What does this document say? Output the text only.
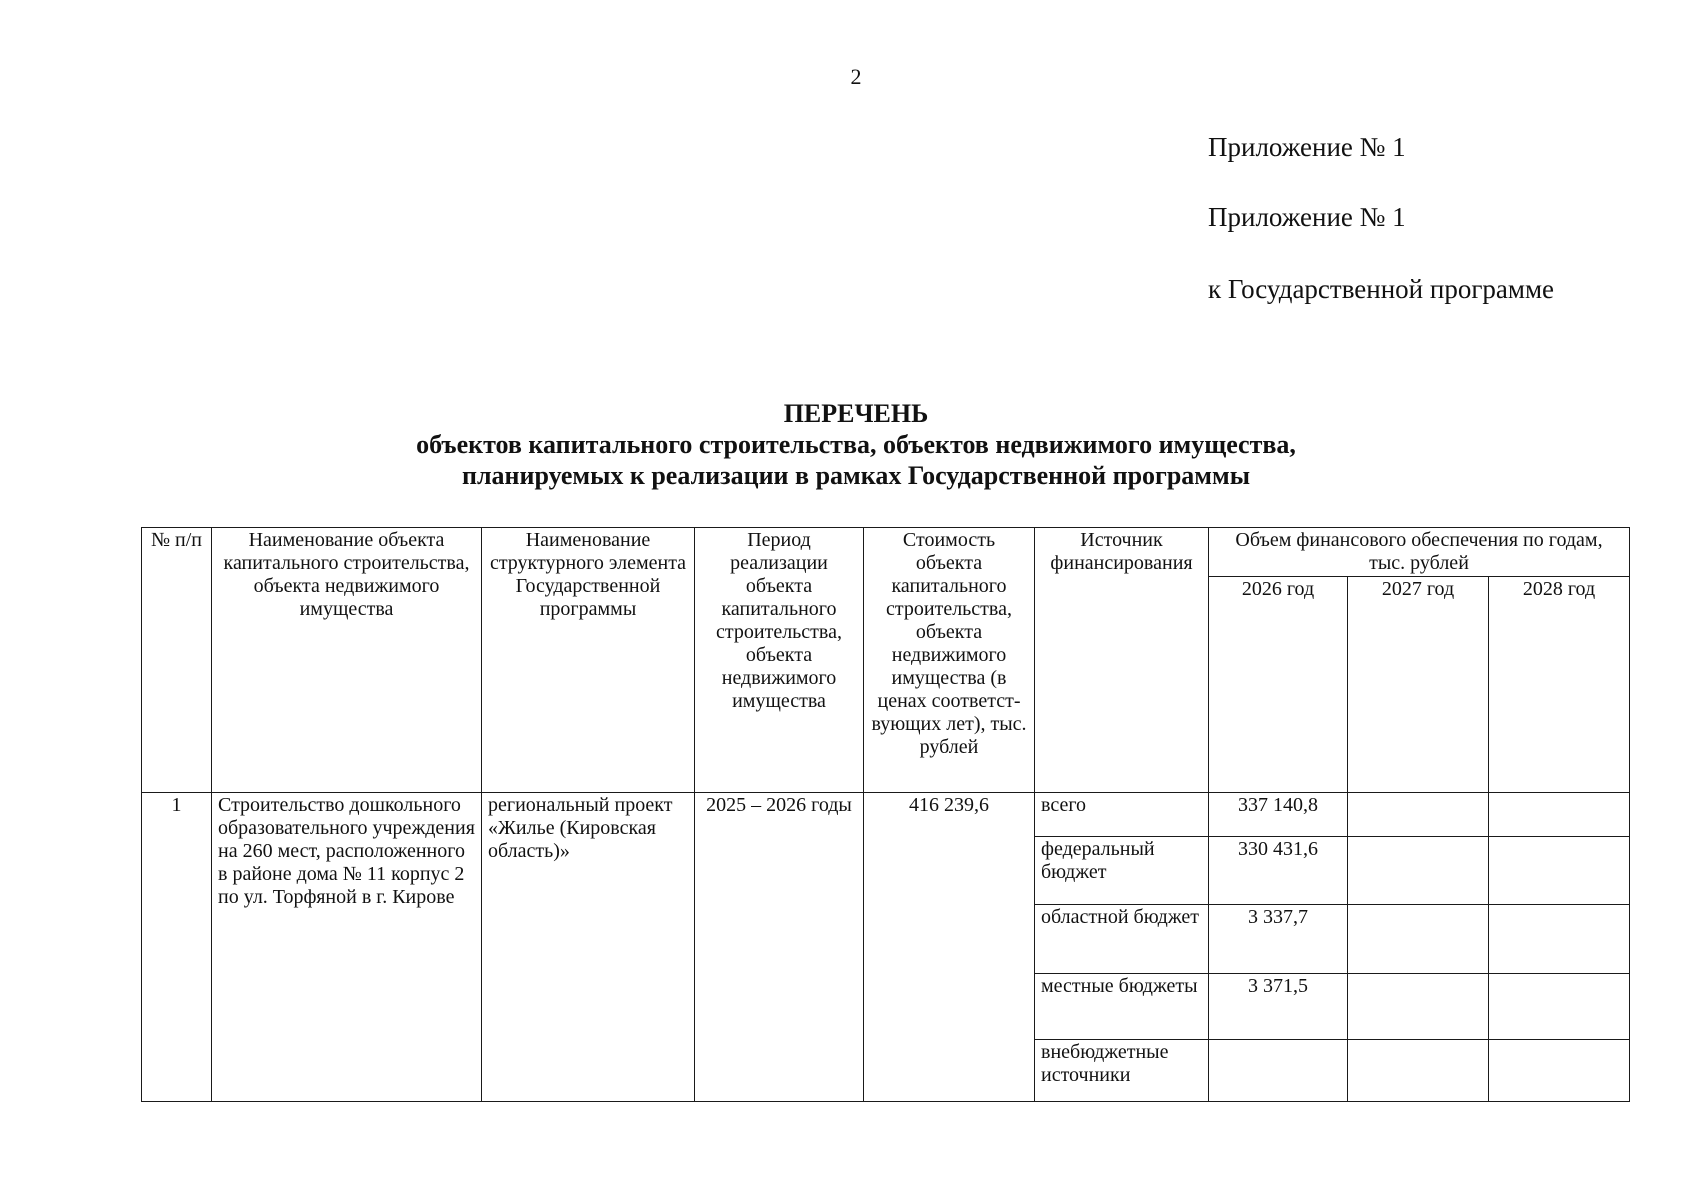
2
Приложение № 1
Приложение № 1
к Государственной программе
ПЕРЕЧЕНЬ
объектов капитального строительства, объектов недвижимого имущества,
планируемых к реализации в рамках Государственной программы
№ п/п	Наименование объекта капитального строительства, объекта недвижимого имущества	Наименование структурного элемента Государственной программы	Период реализации объекта капитального строительства, объекта недвижимого имущества	Стоимость объекта капитального строительства, объекта недвижимого имущества (в ценах соответст-вующих лет), тыс. рублей	Источник финансирования	Объем финансового обеспечения по годам, тыс. рублей		
						2026 год	2027 год	2028 год
1	Строительство дошкольного образовательного учреждения на 260 мест, расположенного в районе дома № 11 корпус 2 по ул. Торфяной в г. Кирове	региональный проект «Жилье (Кировская область)»	2025 – 2026 годы	416 239,6	всего	337 140,8		
					федеральный бюджет	330 431,6		
					областной бюджет	3 337,7		
					местные бюджеты	3 371,5		
					внебюджетные источники			
